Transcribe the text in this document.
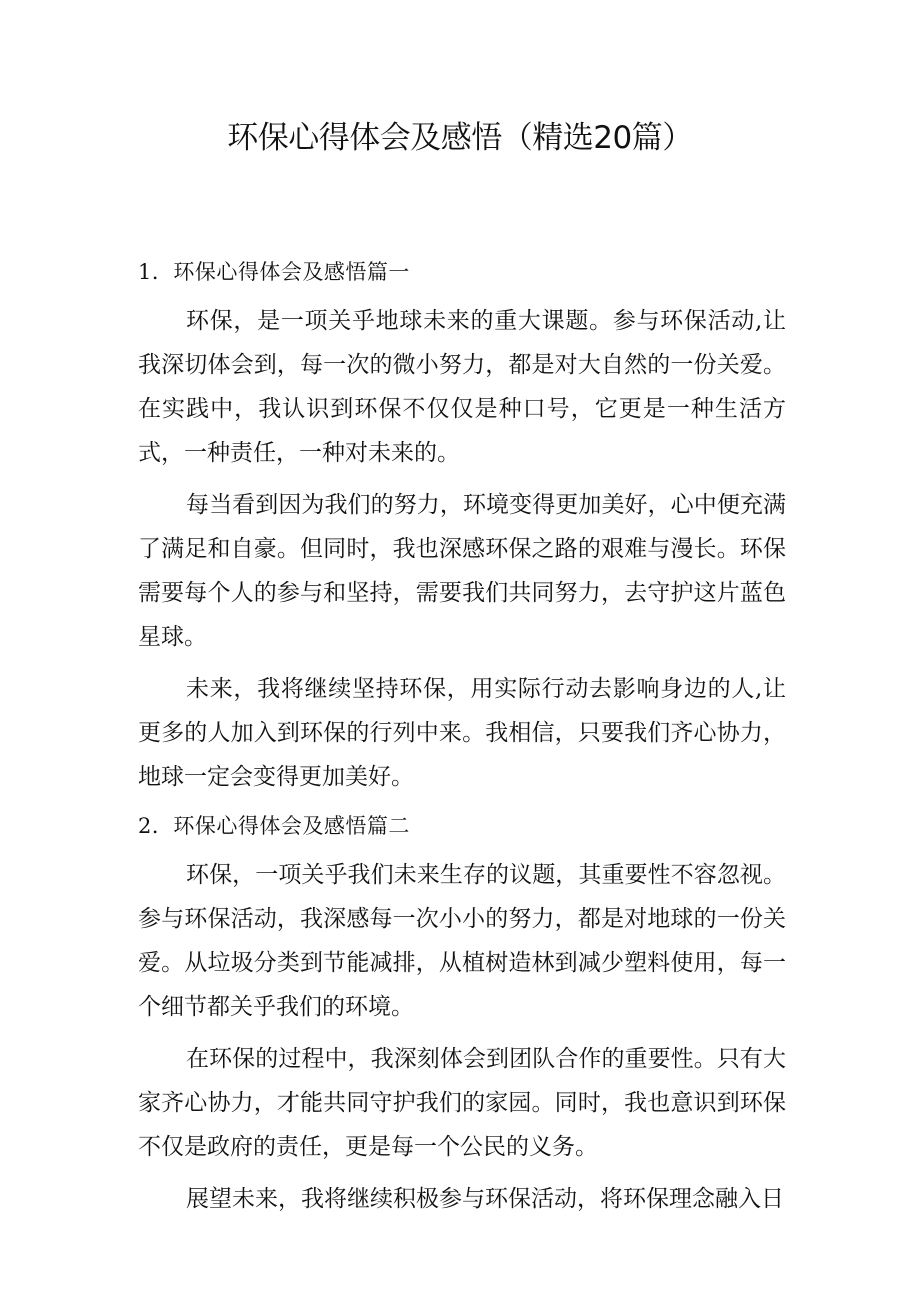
环保心得体会及感悟（精选20篇）

1．环保心得体会及感悟篇一

环保，是一项关乎地球未来的重大课题。参与环保活动,让我深切体会到，每一次的微小努力，都是对大自然的一份关爱。在实践中，我认识到环保不仅仅是种口号，它更是一种生活方式，一种责任，一种对未来的。

每当看到因为我们的努力，环境变得更加美好，心中便充满了满足和自豪。但同时，我也深感环保之路的艰难与漫长。环保需要每个人的参与和坚持，需要我们共同努力，去守护这片蓝色星球。

未来，我将继续坚持环保，用实际行动去影响身边的人,让更多的人加入到环保的行列中来。我相信，只要我们齐心协力，地球一定会变得更加美好。

2．环保心得体会及感悟篇二

环保，一项关乎我们未来生存的议题，其重要性不容忽视。参与环保活动，我深感每一次小小的努力，都是对地球的一份关爱。从垃圾分类到节能减排，从植树造林到减少塑料使用，每一个细节都关乎我们的环境。

在环保的过程中，我深刻体会到团队合作的重要性。只有大家齐心协力，才能共同守护我们的家园。同时，我也意识到环保不仅是政府的责任，更是每一个公民的义务。

展望未来，我将继续积极参与环保活动，将环保理念融入日
